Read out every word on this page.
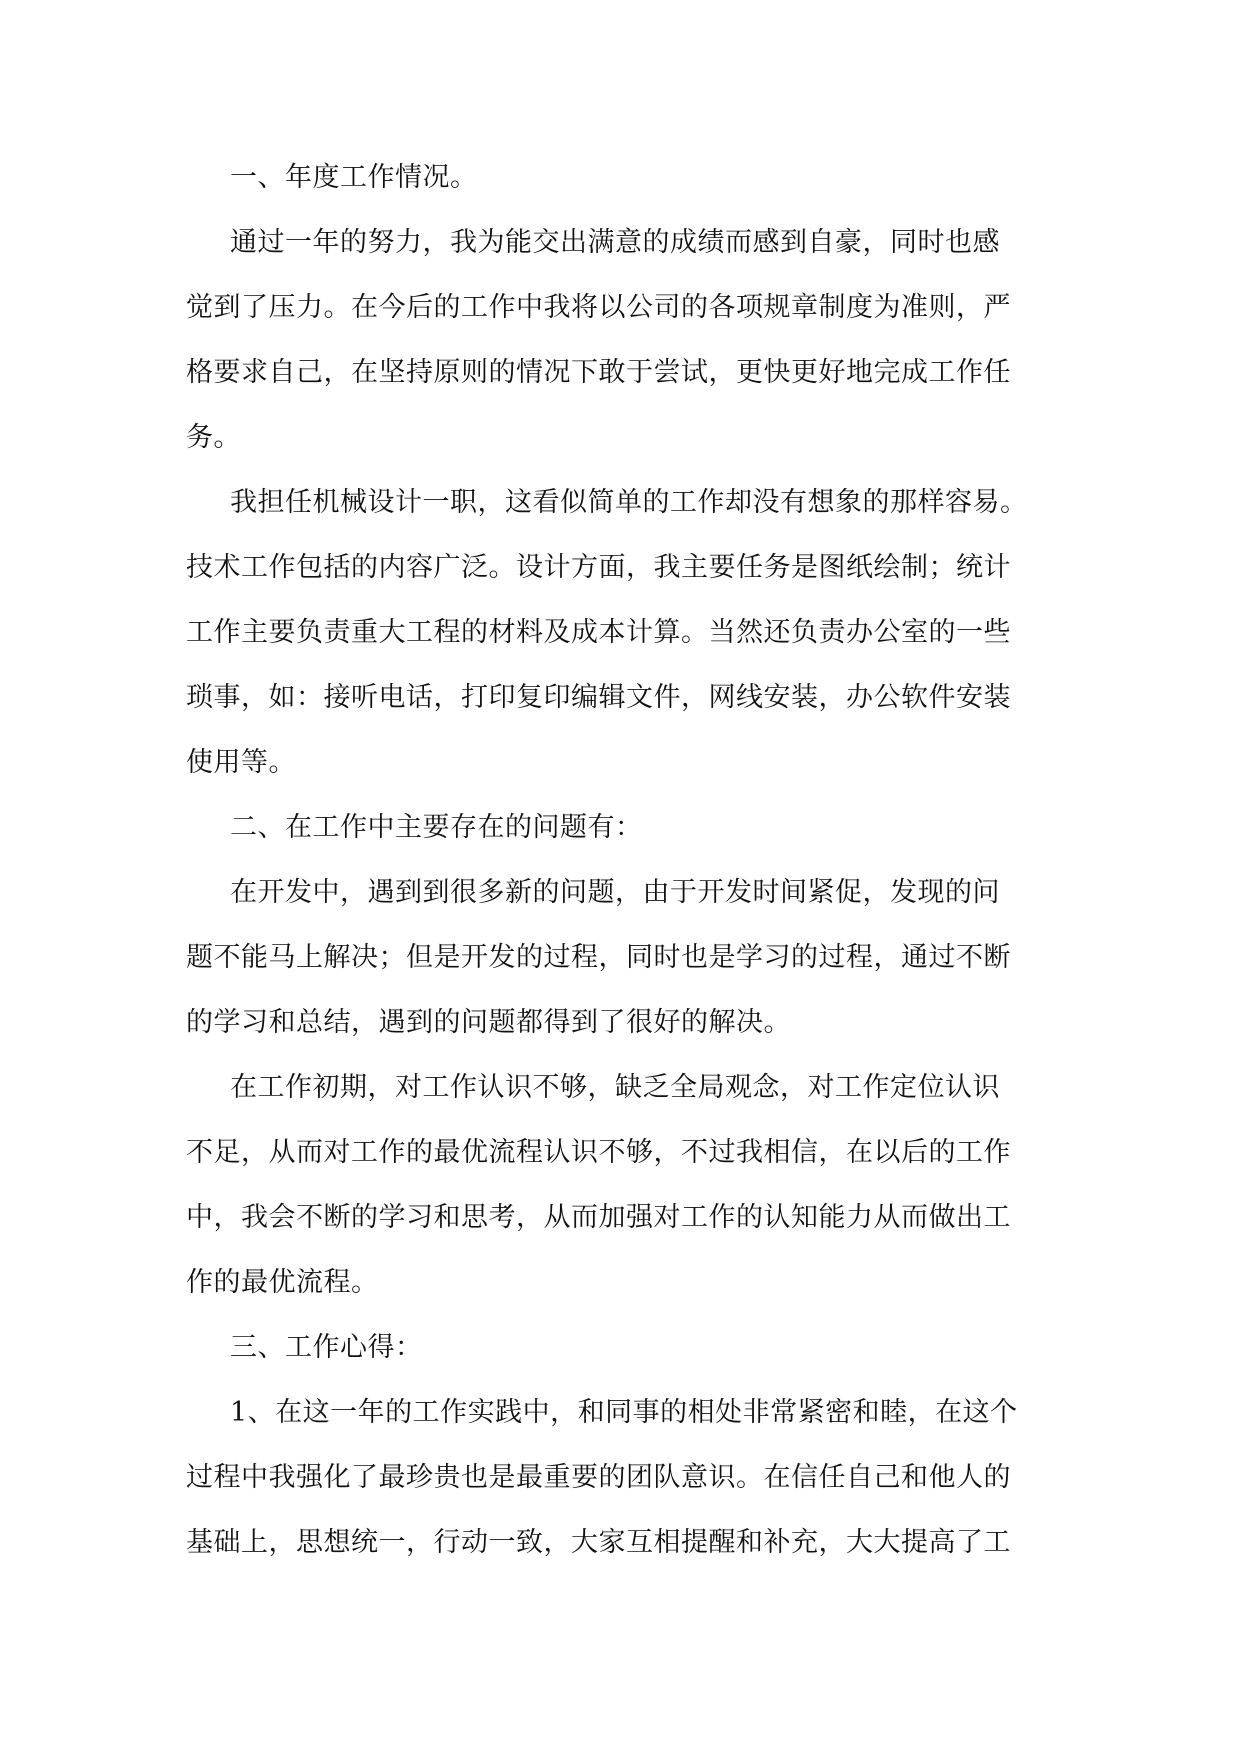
一、年度工作情况。
通过一年的努力，我为能交出满意的成绩而感到自豪，同时也感
觉到了压力。在今后的工作中我将以公司的各项规章制度为准则，严
格要求自己，在坚持原则的情况下敢于尝试，更快更好地完成工作任
务。
我担任机械设计一职，这看似简单的工作却没有想象的那样容易。
技术工作包括的内容广泛。设计方面，我主要任务是图纸绘制；统计
工作主要负责重大工程的材料及成本计算。当然还负责办公室的一些
琐事，如：接听电话，打印复印编辑文件，网线安装，办公软件安装
使用等。
二、在工作中主要存在的问题有：
在开发中，遇到到很多新的问题，由于开发时间紧促，发现的问
题不能马上解决；但是开发的过程，同时也是学习的过程，通过不断
的学习和总结，遇到的问题都得到了很好的解决。
在工作初期，对工作认识不够，缺乏全局观念，对工作定位认识
不足，从而对工作的最优流程认识不够，不过我相信，在以后的工作
中，我会不断的学习和思考，从而加强对工作的认知能力从而做出工
作的最优流程。
三、工作心得：
1、在这一年的工作实践中，和同事的相处非常紧密和睦，在这个
过程中我强化了最珍贵也是最重要的团队意识。在信任自己和他人的
基础上，思想统一，行动一致，大家互相提醒和补充，大大提高了工
